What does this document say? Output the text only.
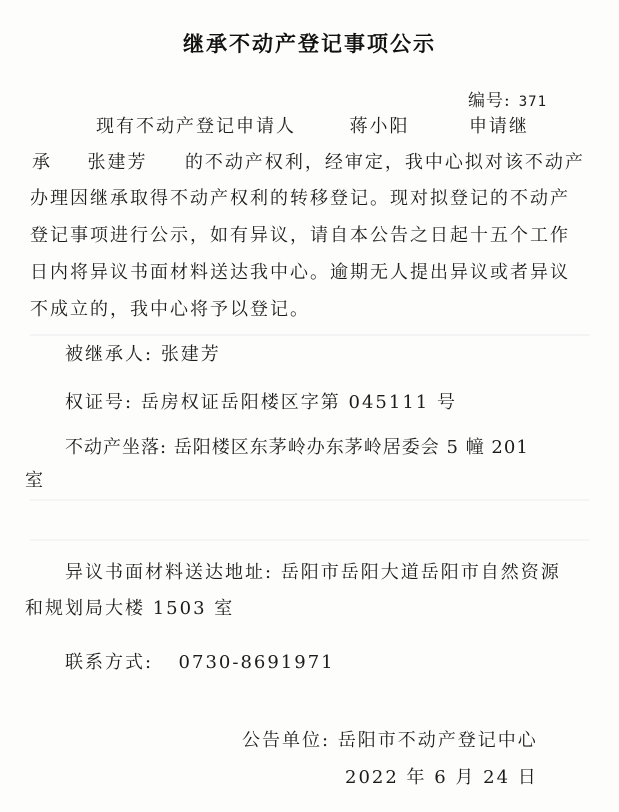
继承不动产登记事项公示
编号: 371
现有不动产登记申请人	蒋小阳	申请继
承 张建芳 的不动产权利，经审定，我中心拟对该不动产
办理因继承取得不动产权利的转移登记。现对拟登记的不动产
登记事项进行公示，如有异议，请自本公告之日起十五个工作
日内将异议书面材料送达我中心。逾期无人提出异议或者异议
不成立的，我中心将予以登记。
被继承人: 张建芳
权证号: 岳房权证岳阳楼区字第 045111 号
不动产坐落: 岳阳楼区东茅岭办东茅岭居委会 5 幢 201
室
异议书面材料送达地址: 岳阳市岳阳大道岳阳市自然资源
和规划局大楼 1503 室
联系方式: 0730-8691971
公告单位: 岳阳市不动产登记中心
2022 年 6 月 24 日
